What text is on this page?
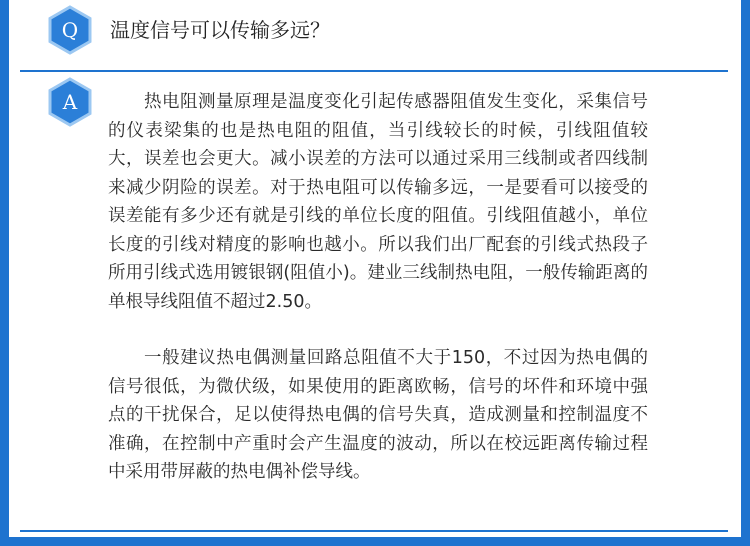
Q	温度信号可以传输多远？
A	热电阻测量原理是温度变化引起传感器阻值发生变化，采集信号的仪表梁集的也是热电阻的阻值，当引线较长的时候，引线阻值较大，误差也会更大。减小误差的方法可以通过采用三线制或者四线制来减少阴险的误差。对于热电阻可以传输多远，一是要看可以接受的误差能有多少还有就是引线的单位长度的阻值。引线阻值越小，单位长度的引线对精度的影响也越小。所以我们出厂配套的引线式热段子所用引线式选用镀银钢(阻值小)。建业三线制热电阻，一般传输距离的单根导线阻值不超过2.50。

一般建议热电偶测量回路总阻值不大于150，不过因为热电偶的信号很低，为微伏级，如果使用的距离欧畅，信号的坏件和环境中强点的干扰保合，足以使得热电偶的信号失真，造成测量和控制温度不准确，在控制中产重时会产生温度的波动，所以在校远距离传输过程中采用带屏蔽的热电偶补偿导线。
